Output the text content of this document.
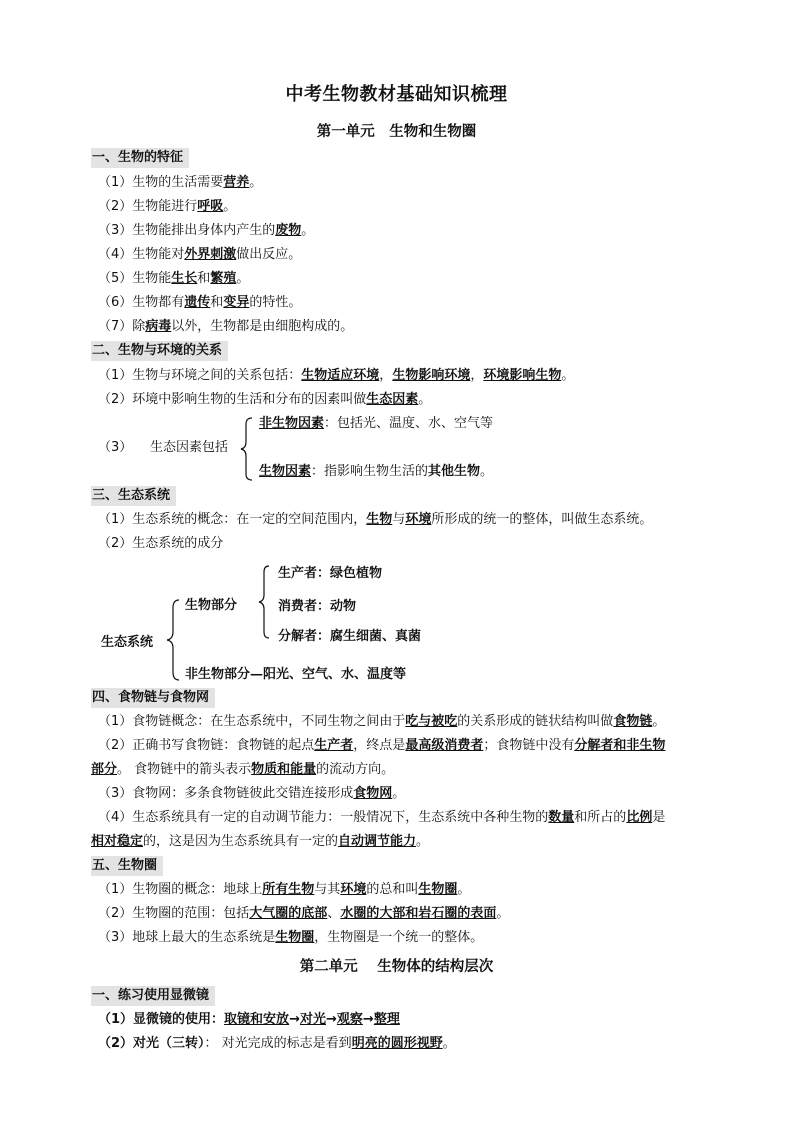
中考生物教材基础知识梳理
第一单元　生物和生物圈
一、生物的特征
（1）生物的生活需要营养。
（2）生物能进行呼吸。
（3）生物能排出身体内产生的废物。
（4）生物能对外界刺激做出反应。
（5）生物能生长和繁殖。
（6）生物都有遗传和变异的特性。
（7）除病毒以外，生物都是由细胞构成的。
二、生物与环境的关系
（1）生物与环境之间的关系包括：生物适应环境，生物影响环境，环境影响生物。
（2）环境中影响生物的生活和分布的因素叫做生态因素。
（3）	生态因素包括
非生物因素：包括光、温度、水、空气等
生物因素：指影响生物生活的其他生物。
三、生态系统
（1）生态系统的概念：在一定的空间范围内，生物与环境所形成的统一的整体，叫做生态系统。
（2）生态系统的成分
生态系统
生物部分
生产者：绿色植物
消费者：动物
分解者：腐生细菌、真菌
非生物部分—阳光、空气、水、温度等
四、食物链与食物网
（1）食物链概念：在生态系统中，不同生物之间由于吃与被吃的关系形成的链状结构叫做食物链。
（2）正确书写食物链：食物链的起点生产者，终点是最高级消费者；食物链中没有分解者和非生物
部分。 食物链中的箭头表示物质和能量的流动方向。
（3）食物网：多条食物链彼此交错连接形成食物网。
（4）生态系统具有一定的自动调节能力：一般情况下，生态系统中各种生物的数量和所占的比例是
相对稳定的，这是因为生态系统具有一定的自动调节能力。
五、生物圈
（1）生物圈的概念：地球上所有生物与其环境的总和叫生物圈。
（2）生物圈的范围：包括大气圈的底部、水圈的大部和岩石圈的表面。
（3）地球上最大的生态系统是生物圈，生物圈是一个统一的整体。
第二单元　 生物体的结构层次
一、练习使用显微镜
（1）显微镜的使用：取镜和安放→对光→观察→整理
（2）对光（三转）： 对光完成的标志是看到明亮的圆形视野。
